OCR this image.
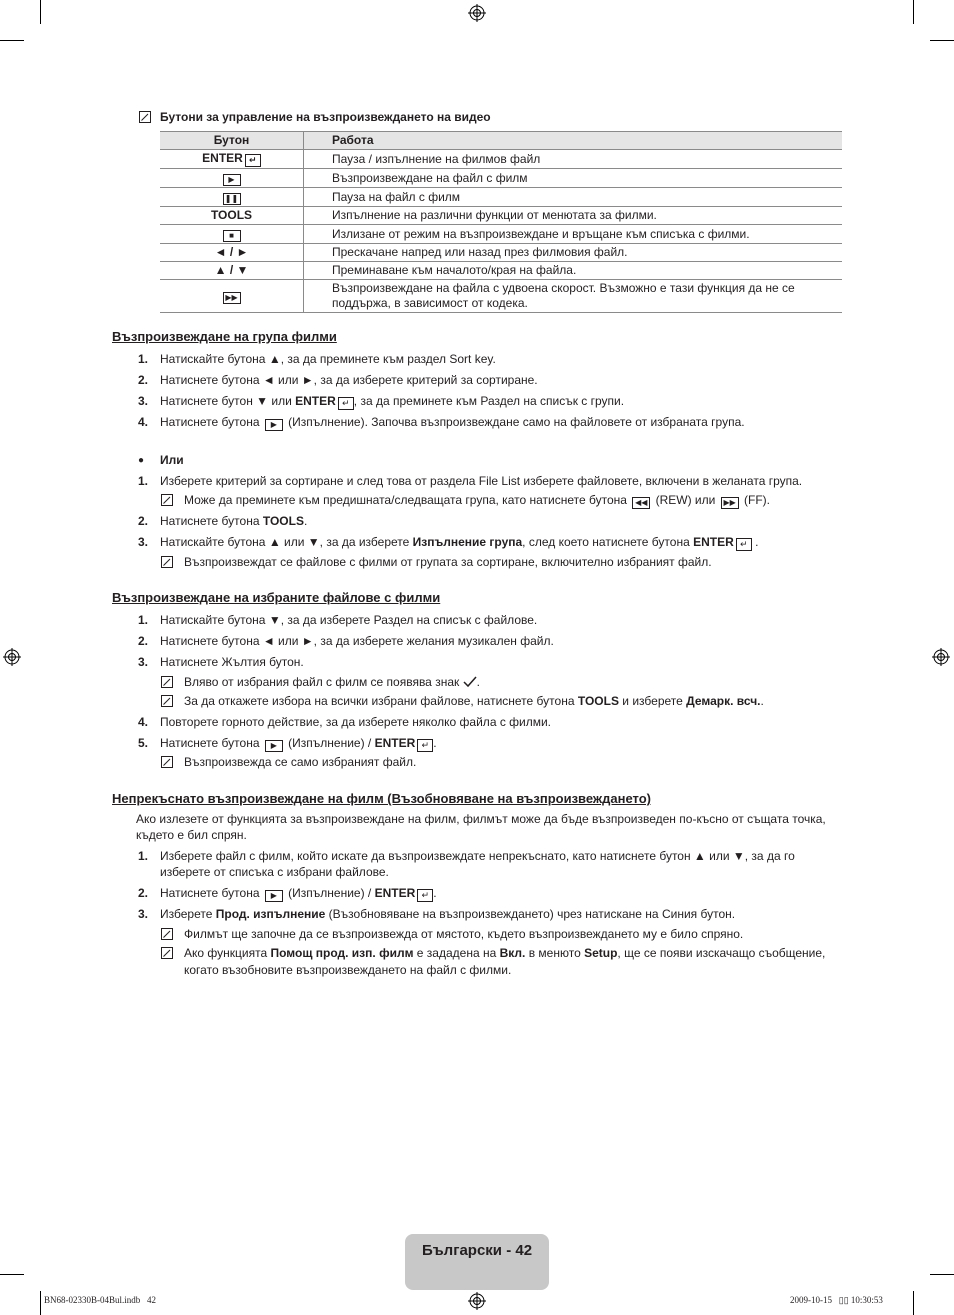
Бутони за управление на възпроизвеждането на видео
Бутон	Работа
ENTER ↵	Пауза / изпълнение на филмов файл
▶	Възпроизвеждане на файл с филм
❚❚	Пауза на файл с филм
TOOLS	Изпълнение на различни функции от менютата за филми.
■	Излизане от режим на възпроизвеждане и връщане към списъка с филми.
◄ / ►	Прескачане напред или назад през филмовия файл.
▲ / ▼	Преминаване към началото/края на файла.
▶▶	Възпроизвеждане на файла с удвоена скорост. Възможно е тази функция да не се поддържа, в зависимост от кодека.
Възпроизвеждане на група филми
1. Натискайте бутона ▲, за да преминете към раздел Sort key.
2. Натиснете бутона ◄ или ►, за да изберете критерий за сортиране.
3. Натиснете бутон ▼ или ENTER ↵ , за да преминете към Раздел на списък с групи.
4. Натиснете бутона ▶ (Изпълнение). Започва възпроизвеждане само на файловете от избраната група.
● Или
1. Изберете критерий за сортиране и след това от раздела File List изберете файловете, включени в желаната група.
Може да преминете към предишната/следващата група, като натиснете бутона ◀◀ (REW) или ▶▶ (FF).
2. Натиснете бутона TOOLS.
3. Натискайте бутона ▲ или ▼, за да изберете Изпълнение група, след което натиснете бутона ENTER ↵ .
Възпроизвеждат се файлове с филми от групата за сортиране, включително избраният файл.
Възпроизвеждане на избраните файлове с филми
1. Натискайте бутона ▼, за да изберете Раздел на списък с файлове.
2. Натиснете бутона ◄ или ►, за да изберете желания музикален файл.
3. Натиснете Жълтия бутон.
Вляво от избрания файл с филм се появява знак .
За да откажете избора на всички избрани файлове, натиснете бутона TOOLS и изберете Демарк. всч..
4. Повторете горното действие, за да изберете няколко файла с филми.
5. Натиснете бутона ▶ (Изпълнение) / ENTER ↵ .
Възпроизвежда се само избраният файл.
Непрекъснато възпроизвеждане на филм (Възобновяване на възпроизвеждането)
Ако излезете от функцията за възпроизвеждане на филм, филмът може да бъде възпроизведен по-късно от същата точка,
където е бил спрян.
1. Изберете файл с филм, който искате да възпроизвеждате непрекъснато, като натиснете бутон ▲ или ▼, за да го
изберете от списъка с избрани файлове.
2. Натиснете бутона ▶ (Изпълнение) / ENTER ↵ .
3. Изберете Прод. изпълнение (Възобновяване на възпроизвеждането) чрез натискане на Синия бутон.
Филмът ще започне да се възпроизвежда от мястото, където възпроизвеждането му е било спряно.
Ако функцията Помощ прод. изп. филм е зададена на Вкл. в менюто Setup, ще се появи изскачащо съобщение,
когато възобновите възпроизвеждането на файл с филми.
Български - 42
BN68-02330B-04Bul.indb   42	2009-10-15   ▯▯ 10:30:53
